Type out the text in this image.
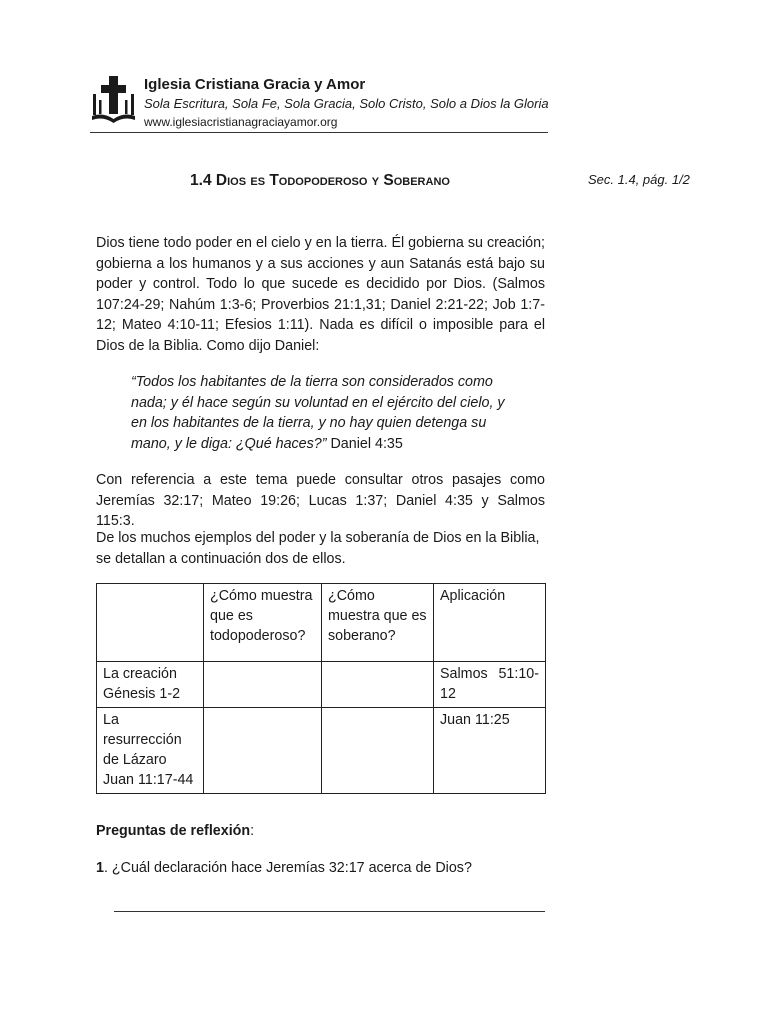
Iglesia Cristiana Gracia y Amor
Sola Escritura, Sola Fe, Sola Gracia, Solo Cristo, Solo a Dios la Gloria
www.iglesiacristianagraciayamor.org
1.4 Dios es Todopoderoso y Soberano	Sec. 1.4, pág. 1/2

Dios tiene todo poder en el cielo y en la tierra. Él gobierna su creación; gobierna a los humanos y a sus acciones y aun Satanás está bajo su poder y control. Todo lo que sucede es decidido por Dios. (Salmos 107:24-29; Nahúm 1:3-6; Proverbios 21:1,31; Daniel 2:21-22; Job 1:7-12; Mateo 4:10-11; Efesios 1:11). Nada es difícil o imposible para el Dios de la Biblia. Como dijo Daniel:

“Todos los habitantes de la tierra son considerados como nada; y él hace según su voluntad en el ejército del cielo, y en los habitantes de la tierra, y no hay quien detenga su mano, y le diga: ¿Qué haces?” Daniel 4:35

Con referencia a este tema puede consultar otros pasajes como Jeremías 32:17; Mateo 19:26; Lucas 1:37; Daniel 4:35 y Salmos 115:3.

De los muchos ejemplos del poder y la soberanía de Dios en la Biblia, se detallan a continuación dos de ellos.

	¿Cómo muestra que es todopoderoso?	¿Cómo muestra que es soberano?	Aplicación

La creación
Génesis 1-2			Salmos 51:10-12

La resurrección de Lázaro
Juan 11:17-44			Juan 11:25
Preguntas de reflexión:
1. ¿Cuál declaración hace Jeremías 32:17 acerca de Dios?
